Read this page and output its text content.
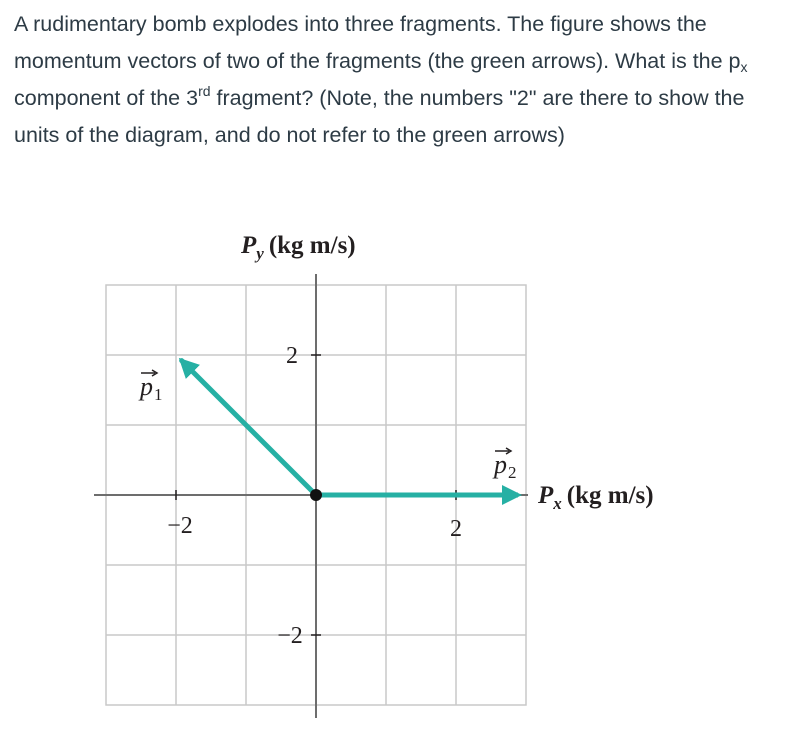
A rudimentary bomb explodes into three fragments. The figure shows the momentum vectors of two of the fragments (the green arrows). What is the $p_x$ component of the 3rd fragment? (Note, the numbers "2" are there to show the units of the diagram, and do not refer to the green arrows)

2
−2
−2	2
$P_y$ (kg m/s)
$P_x$ (kg m/s)
p 1
p 2
